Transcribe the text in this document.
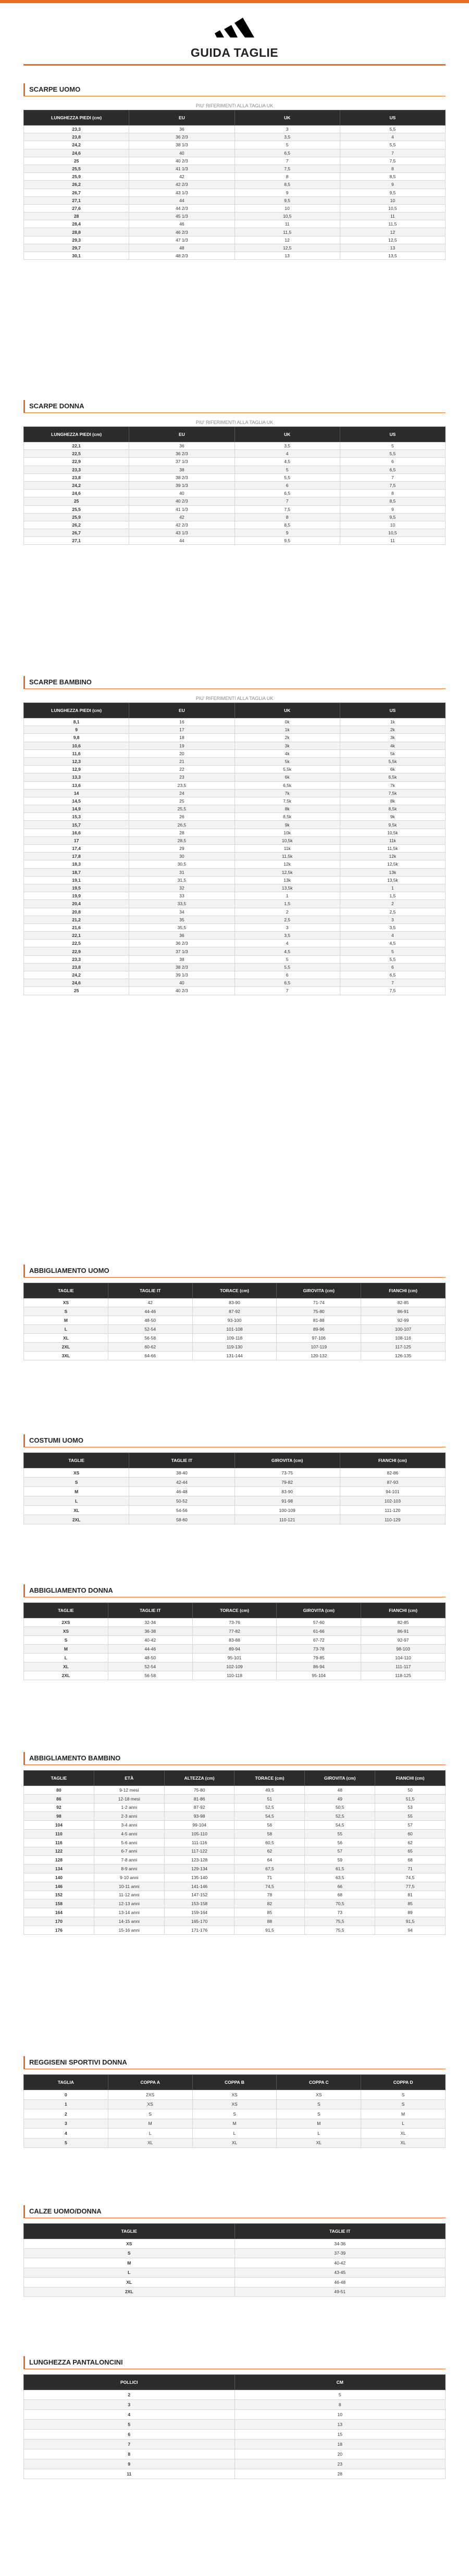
GUIDA TAGLIE
SCARPE UOMO
PIU' RIFERIMENTI ALLA TAGLIA UK
LUNGHEZZA PIEDI (cm)	EU	UK	US
23,3	36	3	5,5
23,8	36 2/3	3,5	4
24,2	38 1/3	5	5,5
24,6	40	6,5	7
25	40 2/3	7	7,5
25,5	41 1/3	7,5	8
25,9	42	8	8,5
26,2	42 2/3	8,5	9
26,7	43 1/3	9	9,5
27,1	44	9,5	10
27,6	44 2/3	10	10,5
28	45 1/3	10,5	11
28,4	46	11	11,5
28,8	46 2/3	11,5	12
29,3	47 1/3	12	12,5
29,7	48	12,5	13
30,1	48 2/3	13	13,5
SCARPE DONNA
PIU' RIFERIMENTI ALLA TAGLIA UK
LUNGHEZZA PIEDI (cm)	EU	UK	US
22,1	36	3,5	5
22,5	36 2/3	4	5,5
22,9	37 1/3	4,5	6
23,3	38	5	6,5
23,8	38 2/3	5,5	7
24,2	39 1/3	6	7,5
24,6	40	6,5	8
25	40 2/3	7	8,5
25,5	41 1/3	7,5	9
25,9	42	8	9,5
26,2	42 2/3	8,5	10
26,7	43 1/3	9	10,5
27,1	44	9,5	11
SCARPE BAMBINO
PIU' RIFERIMENTI ALLA TAGLIA UK
LUNGHEZZA PIEDI (cm)	EU	UK	US
8,1	16	0k	1k
9	17	1k	2k
9,8	18	2k	3k
10,6	19	3k	4k
11,6	20	4k	5k
12,3	21	5k	5,5k
12,9	22	5,5k	6k
13,3	23	6k	6,5k
13,6	23,5	6,5k	7k
14	24	7k	7,5k
14,5	25	7,5k	8k
14,9	25,5	8k	8,5k
15,3	26	8,5k	9k
15,7	26,5	9k	9,5k
16,6	28	10k	10,5k
17	28,5	10,5k	11k
17,4	29	11k	11,5k
17,8	30	11,5k	12k
18,3	30,5	12k	12,5k
18,7	31	12,5k	13k
19,1	31,5	13k	13,5k
19,5	32	13,5k	1
19,9	33	1	1,5
20,4	33,5	1,5	2
20,8	34	2	2,5
21,2	35	2,5	3
21,6	35,5	3	3,5
22,1	36	3,5	4
22,5	36 2/3	4	4,5
22,9	37 1/3	4,5	5
23,3	38	5	5,5
23,8	38 2/3	5,5	6
24,2	39 1/3	6	6,5
24,6	40	6,5	7
25	40 2/3	7	7,5
ABBIGLIAMENTO UOMO
TAGLIE	TAGLIE IT	TORACE (cm)	GIROVITA (cm)	FIANCHI (cm)
XS	42	83-90	71-74	82-85
S	44-46	87-92	75-80	86-91
M	48-50	93-100	81-88	92-99
L	52-54	101-108	89-96	100-107
XL	56-58	109-118	97-106	108-116
2XL	60-62	119-130	107-119	117-125
3XL	64-66	131-144	120-132	126-135
COSTUMI UOMO
TAGLIE	TAGLIE IT	GIROVITA (cm)	FIANCHI (cm)
XS	38-40	73-75	82-86
S	42-44	79-82	87-93
M	46-48	83-90	94-101
L	50-52	91-98	102-103
XL	54-56	100-109	111-120
2XL	58-60	110-121	110-129
ABBIGLIAMENTO DONNA
TAGLIE	TAGLIE IT	TORACE (cm)	GIROVITA (cm)	FIANCHI (cm)
2XS	32-34	73-76	57-60	82-85
XS	36-38	77-82	61-66	86-91
S	40-42	83-88	67-72	92-97
M	44-46	89-94	73-78	98-103
L	48-50	95-101	79-85	104-110
XL	52-54	102-109	86-94	111-117
2XL	56-58	110-118	95-104	118-125
ABBIGLIAMENTO BAMBINO
TAGLIE	ETÀ	ALTEZZA (cm)	TORACE (cm)	GIROVITA (cm)	FIANCHI (cm)
80	9-12 mesi	75-80	49,5	48	50
86	12-18 mesi	81-86	51	49	51,5
92	1-2 anni	87-92	52,5	50,5	53
98	2-3 anni	93-98	54,5	52,5	55
104	3-4 anni	99-104	56	54,5	57
110	4-5 anni	105-110	58	55	60
116	5-6 anni	111-116	60,5	56	62
122	6-7 anni	117-122	62	57	65
128	7-8 anni	123-128	64	59	68
134	8-9 anni	129-134	67,5	61,5	71
140	9-10 anni	135-140	71	63,5	74,5
146	10-11 anni	141-146	74,5	66	77,5
152	11-12 anni	147-152	78	68	81
158	12-13 anni	153-158	82	70,5	85
164	13-14 anni	159-164	85	73	89
170	14-15 anni	165-170	88	75,5	91,5
176	15-16 anni	171-176	91,5	75,5	94
REGGISENI SPORTIVI DONNA
TAGLIA	COPPA A	COPPA B	COPPA C	COPPA D
0	2XS	XS	XS	S
1	XS	XS	S	S
2	S	S	S	M
3	M	M	M	L
4	L	L	L	XL
5	XL	XL	XL	XL
CALZE UOMO/DONNA
TAGLIE	TAGLIE IT
XS	34-36
S	37-39
M	40-42
L	43-45
XL	46-48
2XL	49-51
LUNGHEZZA PANTALONCINI
POLLICI	CM
2	5
3	8
4	10
5	13
6	15
7	18
8	20
9	23
11	28
